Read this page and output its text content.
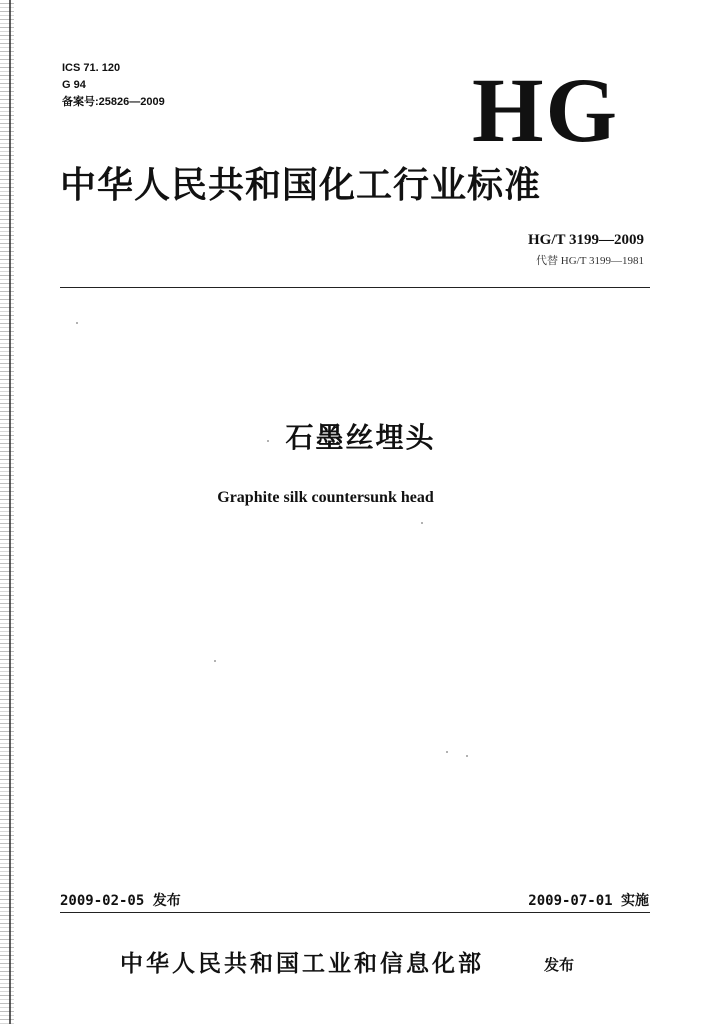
ICS 71. 120
G 94
备案号:25826—2009	HG
中华人民共和国化工行业标准
HG/T 3199—2009
代替 HG/T 3199—1981
石墨丝埋头
Graphite silk countersunk head
2009-02-05 发布	2009-07-01 实施
中华人民共和国工业和信息化部	发布
